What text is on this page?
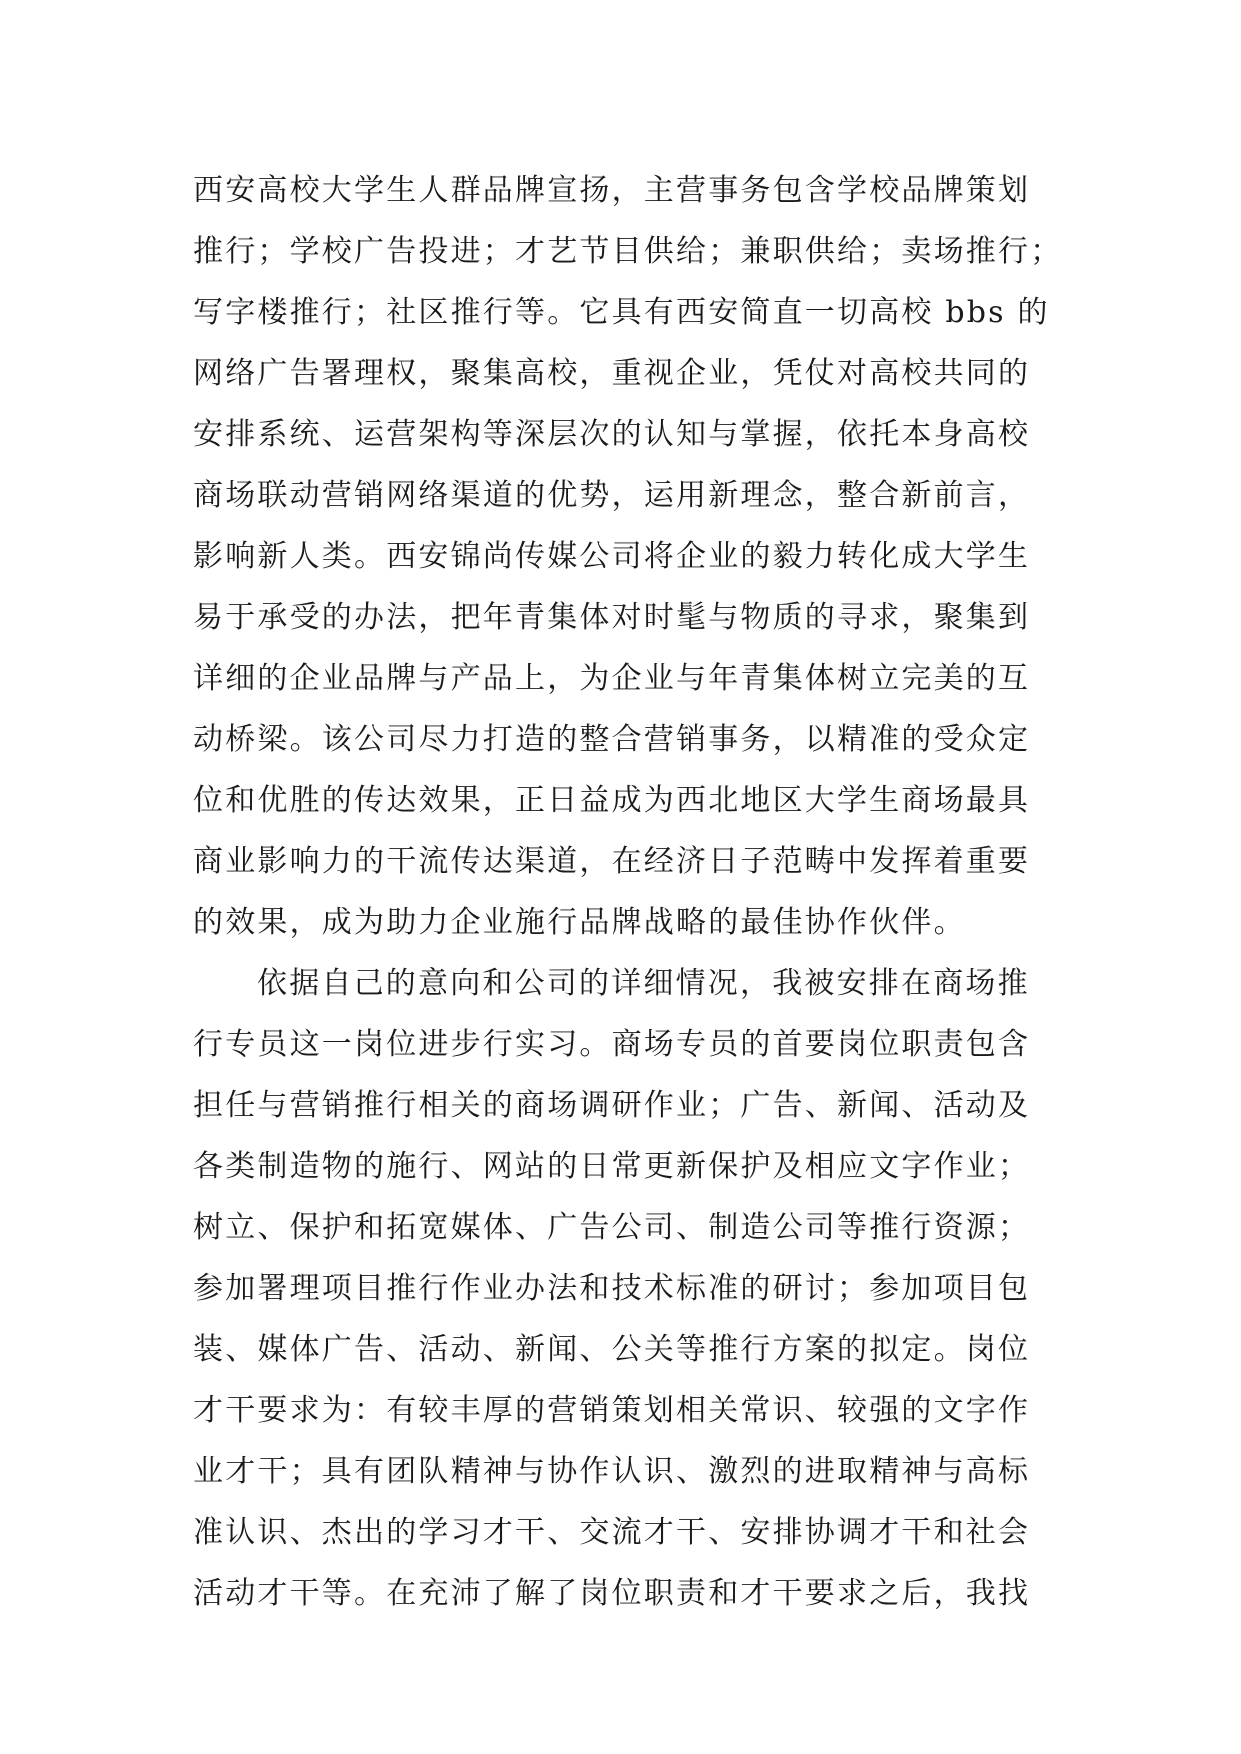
西安高校大学生人群品牌宣扬，主营事务包含学校品牌策划
推行；学校广告投进；才艺节目供给；兼职供给；卖场推行；
写字楼推行；社区推行等。它具有西安简直一切高校 bbs 的
网络广告署理权，聚集高校，重视企业，凭仗对高校共同的
安排系统、运营架构等深层次的认知与掌握，依托本身高校
商场联动营销网络渠道的优势，运用新理念，整合新前言，
影响新人类。西安锦尚传媒公司将企业的毅力转化成大学生
易于承受的办法，把年青集体对时髦与物质的寻求，聚集到
详细的企业品牌与产品上，为企业与年青集体树立完美的互
动桥梁。该公司尽力打造的整合营销事务，以精准的受众定
位和优胜的传达效果，正日益成为西北地区大学生商场最具
商业影响力的干流传达渠道，在经济日子范畴中发挥着重要
的效果，成为助力企业施行品牌战略的最佳协作伙伴。
依据自己的意向和公司的详细情况，我被安排在商场推
行专员这一岗位进步行实习。商场专员的首要岗位职责包含
担任与营销推行相关的商场调研作业；广告、新闻、活动及
各类制造物的施行、网站的日常更新保护及相应文字作业；
树立、保护和拓宽媒体、广告公司、制造公司等推行资源；
参加署理项目推行作业办法和技术标准的研讨；参加项目包
装、媒体广告、活动、新闻、公关等推行方案的拟定。岗位
才干要求为：有较丰厚的营销策划相关常识、较强的文字作
业才干；具有团队精神与协作认识、激烈的进取精神与高标
准认识、杰出的学习才干、交流才干、安排协调才干和社会
活动才干等。在充沛了解了岗位职责和才干要求之后，我找
